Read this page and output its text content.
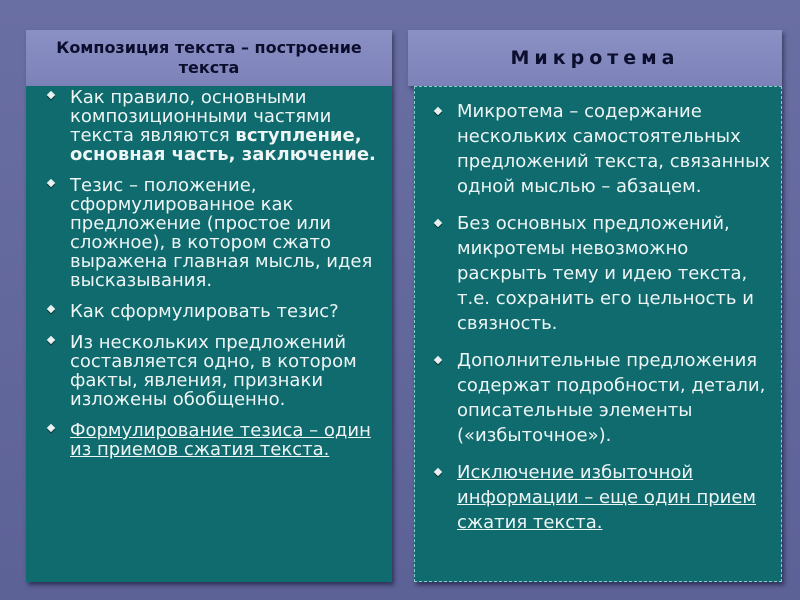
Композиция текста – построение текста	Микротема
Как правило, основными композиционными частями текста являются вступление, основная часть, заключение.
Тезис – положение, сформулированное как предложение (простое или сложное), в котором сжато выражена главная мысль, идея высказывания.
Как сформулировать тезис?
Из нескольких предложений составляется одно, в котором факты, явления, признаки изложены обобщенно.
Формулирование тезиса – один из приемов сжатия текста.
Микротема – содержание нескольких самостоятельных предложений текста, связанных одной мыслью – абзацем.
Без основных предложений, микротемы невозможно раскрыть тему и идею текста, т.е. сохранить его цельность и связность.
Дополнительные предложения содержат подробности, детали, описательные элементы («избыточное»).
Исключение избыточной информации – еще один прием сжатия текста.
